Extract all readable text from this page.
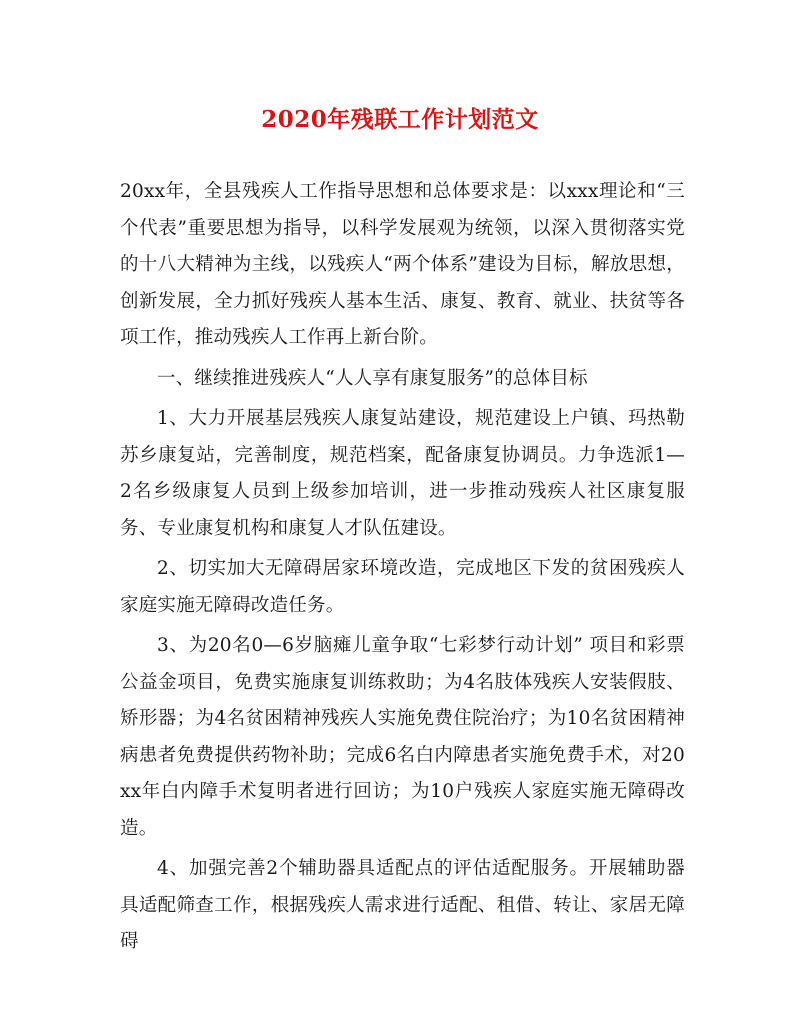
2020年残联工作计划范文

20xx年，全县残疾人工作指导思想和总体要求是：以xxx理论和“三个代表”重要思想为指导，以科学发展观为统领，以深入贯彻落实党的十八大精神为主线，以残疾人“两个体系”建设为目标，解放思想，创新发展，全力抓好残疾人基本生活、康复、教育、就业、扶贫等各项工作，推动残疾人工作再上新台阶。

一、继续推进残疾人“人人享有康复服务”的总体目标

1、大力开展基层残疾人康复站建设，规范建设上户镇、玛热勒苏乡康复站，完善制度，规范档案，配备康复协调员。力争选派1—2名乡级康复人员到上级参加培训，进一步推动残疾人社区康复服务、专业康复机构和康复人才队伍建设。

2、切实加大无障碍居家环境改造，完成地区下发的贫困残疾人家庭实施无障碍改造任务。

3、为20名0—6岁脑瘫儿童争取“七彩梦行动计划” 项目和彩票公益金项目，免费实施康复训练救助；为4名肢体残疾人安装假肢、矫形器；为4名贫困精神残疾人实施免费住院治疗；为10名贫困精神病患者免费提供药物补助；完成6名白内障患者实施免费手术，对20xx年白内障手术复明者进行回访；为10户残疾人家庭实施无障碍改造。

4、加强完善2个辅助器具适配点的评估适配服务。开展辅助器具适配筛查工作，根据残疾人需求进行适配、租借、转让、家居无障碍
